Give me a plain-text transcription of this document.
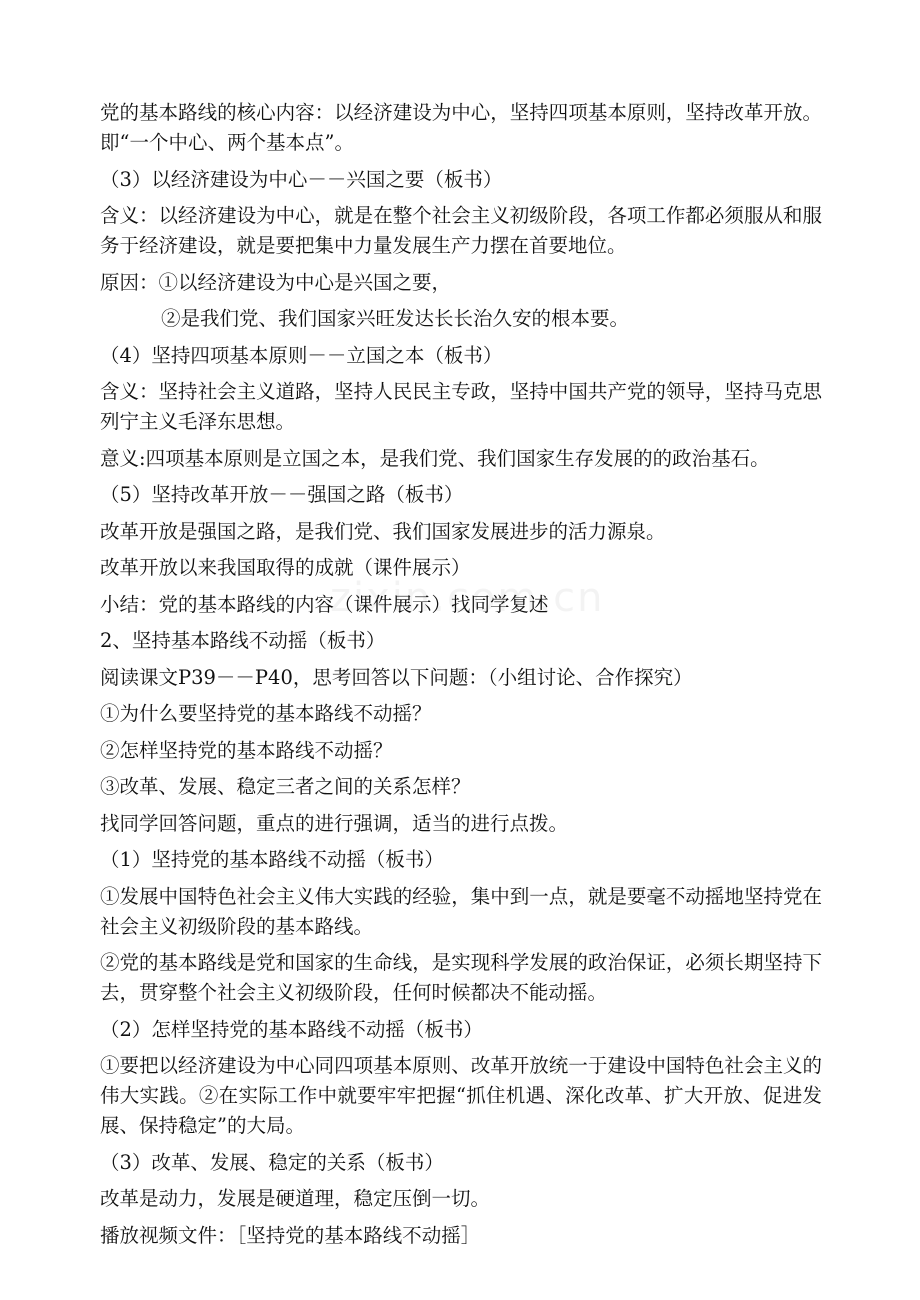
党的基本路线的核心内容：以经济建设为中心，坚持四项基本原则，坚持改革开放。即“一个中心、两个基本点”。

（3）以经济建设为中心－－兴国之要（板书）

含义：以经济建设为中心，就是在整个社会主义初级阶段，各项工作都必须服从和服务于经济建设，就是要把集中力量发展生产力摆在首要地位。

原因：①以经济建设为中心是兴国之要，

②是我们党、我们国家兴旺发达长长治久安的根本要。

（4）坚持四项基本原则－－立国之本（板书）

含义：坚持社会主义道路，坚持人民民主专政，坚持中国共产党的领导，坚持马克思列宁主义毛泽东思想。

意义:四项基本原则是立国之本，是我们党、我们国家生存发展的的政治基石。

（5）坚持改革开放－－强国之路（板书）

改革开放是强国之路，是我们党、我们国家发展进步的活力源泉。

改革开放以来我国取得的成就（课件展示）

小结：党的基本路线的内容（课件展示）找同学复述

2、坚持基本路线不动摇（板书）

阅读课文P39－－P40，思考回答以下问题：（小组讨论、合作探究）

①为什么要坚持党的基本路线不动摇？

②怎样坚持党的基本路线不动摇？

③改革、发展、稳定三者之间的关系怎样？

找同学回答问题，重点的进行强调，适当的进行点拨。

（1）坚持党的基本路线不动摇（板书）

①发展中国特色社会主义伟大实践的经验，集中到一点，就是要毫不动摇地坚持党在社会主义初级阶段的基本路线。

②党的基本路线是党和国家的生命线，是实现科学发展的政治保证，必须长期坚持下去，贯穿整个社会主义初级阶段，任何时候都决不能动摇。

（2）怎样坚持党的基本路线不动摇（板书）

①要把以经济建设为中心同四项基本原则、改革开放统一于建设中国特色社会主义的伟大实践。②在实际工作中就要牢牢把握“抓住机遇、深化改革、扩大开放、促进发展、保持稳定”的大局。

（3）改革、发展、稳定的关系（板书）

改革是动力，发展是硬道理，稳定压倒一切。

播放视频文件：［坚持党的基本路线不动摇］
